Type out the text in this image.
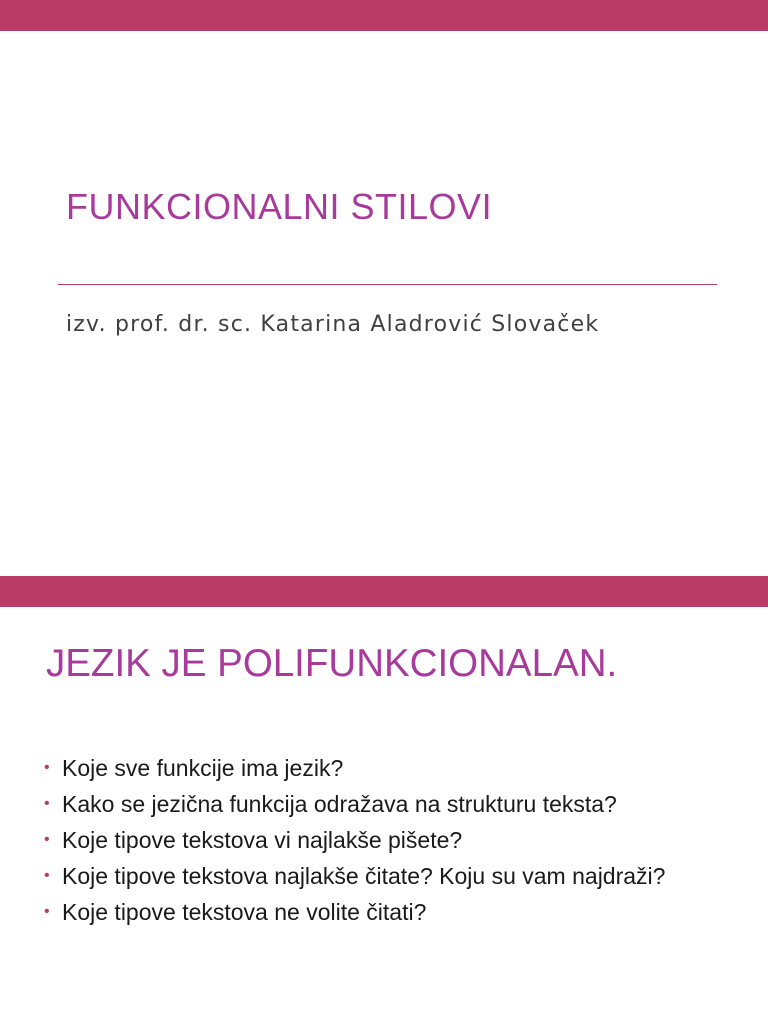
FUNKCIONALNI STILOVI
izv. prof. dr. sc. Katarina Aladrović Slovaček
JEZIK JE POLIFUNKCIONALAN.
• Koje sve funkcije ima jezik?
• Kako se jezična funkcija odražava na strukturu teksta?
• Koje tipove tekstova vi najlakše pišete?
• Koje tipove tekstova najlakše čitate? Koju su vam najdraži?
• Koje tipove tekstova ne volite čitati?
